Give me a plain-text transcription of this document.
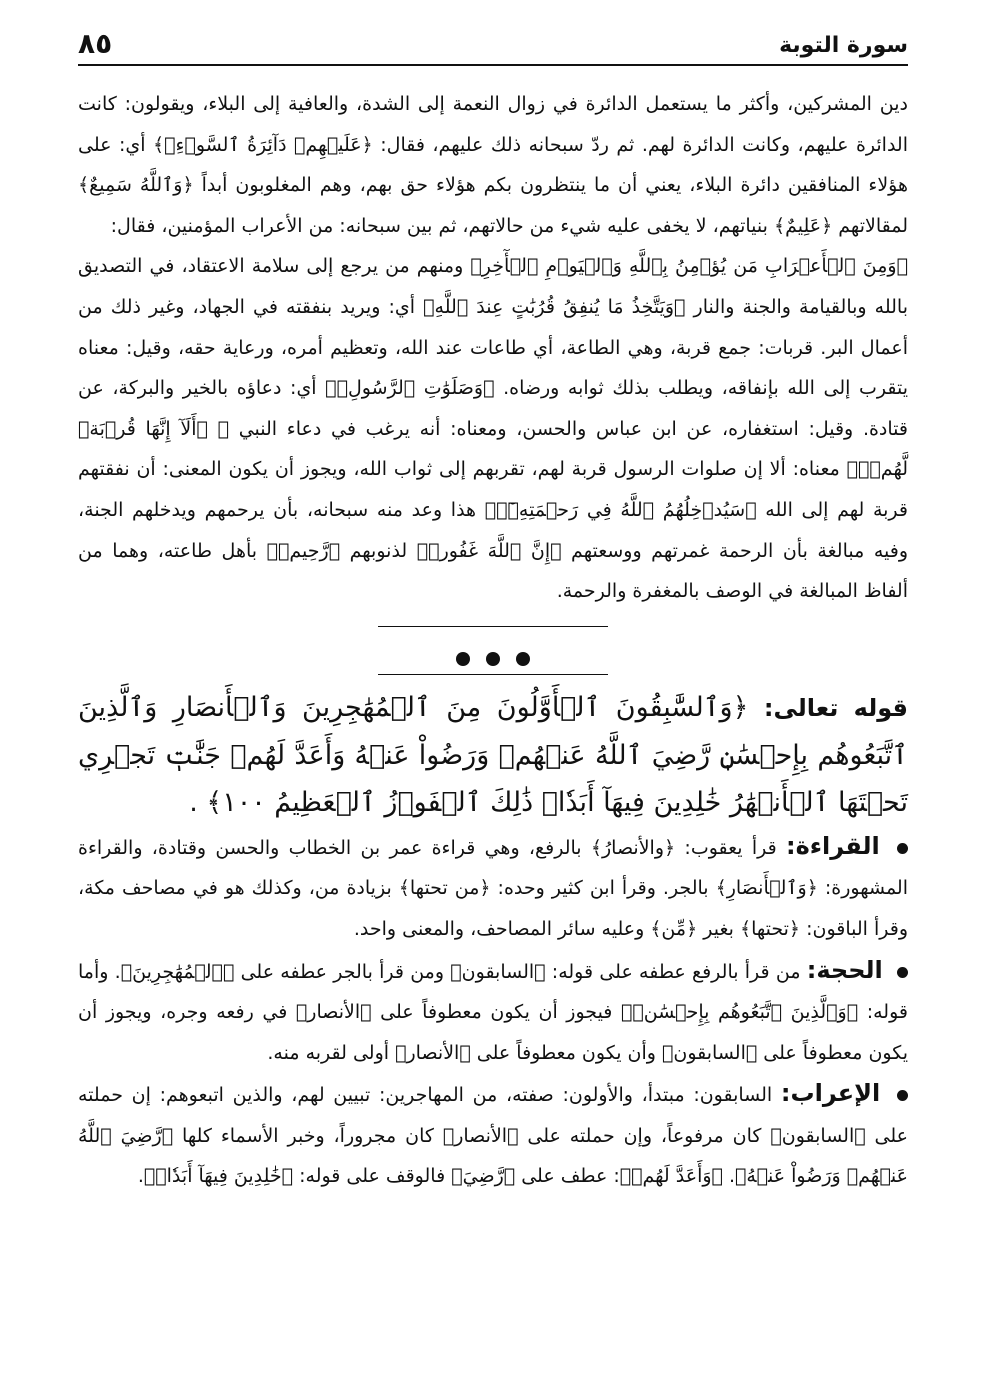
٨٥	سورة التوبة

دين المشركين، وأكثر ما يستعمل الدائرة في زوال النعمة إلى الشدة، والعافية إلى البلاء، ويقولون: كانت الدائرة عليهم، وكانت الدائرة لهم. ثم ردّ سبحانه ذلك عليهم، فقال: ﴿عَلَيۡهِمۡ دَآئِرَةُ ٱلسَّوۡءِۗ﴾ أي: على هؤلاء المنافقين دائرة البلاء، يعني أن ما ينتظرون بكم هؤلاء حق بهم، وهم المغلوبون أبداً ﴿وَٱللَّهُ سَمِيعٌ﴾ لمقالاتهم ﴿عَلِيمٌ﴾ بنياتهم، لا يخفى عليه شيء من حالاتهم، ثم بين سبحانه: من الأعراب المؤمنين، فقال:

﴿وَمِنَ ٱلۡأَعۡرَابِ مَن يُؤۡمِنُ بِٱللَّهِ وَٱلۡيَوۡمِ ٱلۡأٓخِرِ﴾ ومنهم من يرجع إلى سلامة الاعتقاد، في التصديق بالله وبالقيامة والجنة والنار ﴿وَيَتَّخِذُ مَا يُنفِقُ قُرُبَٰتٍ عِندَ ٱللَّهِ﴾ أي: ويريد بنفقته في الجهاد، وغير ذلك من أعمال البر. قربات: جمع قربة، وهي الطاعة، أي طاعات عند الله، وتعظيم أمره، ورعاية حقه، وقيل: معناه يتقرب إلى الله بإنفاقه، ويطلب بذلك ثوابه ورضاه. ﴿وَصَلَوَٰتِ ٱلرَّسُولِۚ﴾ أي: دعاؤه بالخير والبركة، عن قتادة. وقيل: استغفاره، عن ابن عباس والحسن، ومعناه: أنه يرغب في دعاء النبي ﷺ ﴿أَلَآ إِنَّهَا قُرۡبَةٞ لَّهُمۡۚ﴾ معناه: ألا إن صلوات الرسول قربة لهم، تقربهم إلى ثواب الله، ويجوز أن يكون المعنى: أن نفقتهم قربة لهم إلى الله ﴿سَيُدۡخِلُهُمُ ٱللَّهُ فِي رَحۡمَتِهِۦٓۚ﴾ هذا وعد منه سبحانه، بأن يرحمهم ويدخلهم الجنة، وفيه مبالغة بأن الرحمة غمرتهم ووسعتهم ﴿إِنَّ ٱللَّهَ غَفُورٞ﴾ لذنوبهم ﴿رَّحِيمٞ﴾ بأهل طاعته، وهما من ألفاظ المبالغة في الوصف بالمغفرة والرحمة.

قوله تعالى: ﴿وَٱلسَّٰبِقُونَ ٱلۡأَوَّلُونَ مِنَ ٱلۡمُهَٰجِرِينَ وَٱلۡأَنصَارِ وَٱلَّذِينَ ٱتَّبَعُوهُم بِإِحۡسَٰنٖ رَّضِيَ ٱللَّهُ عَنۡهُمۡ وَرَضُواْ عَنۡهُ وَأَعَدَّ لَهُمۡ جَنَّٰتٖ تَجۡرِي تَحۡتَهَا ٱلۡأَنۡهَٰرُ خَٰلِدِينَ فِيهَآ أَبَدٗاۚ ذَٰلِكَ ٱلۡفَوۡزُ ٱلۡعَظِيمُ ١٠٠﴾ .

القراءة: قرأ يعقوب: ﴿والأنصارُ﴾ بالرفع، وهي قراءة عمر بن الخطاب والحسن وقتادة، والقراءة المشهورة: ﴿وَٱلۡأَنصَارِ﴾ بالجر. وقرأ ابن كثير وحده: ﴿من تحتها﴾ بزيادة من، وكذلك هو في مصاحف مكة، وقرأ الباقون: ﴿تحتها﴾ بغير ﴿مِّن﴾ وعليه سائر المصاحف، والمعنى واحد.

الحجة: من قرأ بالرفع عطفه على قوله: ﴿السابقون﴾ ومن قرأ بالجر عطفه على ﴿ٱلۡمُهَٰجِرِينَ﴾. وأما قوله: ﴿وَٱلَّذِينَ ٱتَّبَعُوهُم بِإِحۡسَٰنٖ﴾ فيجوز أن يكون معطوفاً على ﴿الأنصار﴾ في رفعه وجره، ويجوز أن يكون معطوفاً على ﴿السابقون﴾ وأن يكون معطوفاً على ﴿الأنصار﴾ أولى لقربه منه.

الإعراب: السابقون: مبتدأ، والأولون: صفته، من المهاجرين: تبيين لهم، والذين اتبعوهم: إن حملته على ﴿السابقون﴾ كان مرفوعاً، وإن حملته على ﴿الأنصار﴾ كان مجروراً، وخبر الأسماء كلها ﴿رَّضِيَ ٱللَّهُ عَنۡهُمۡ وَرَضُواْ عَنۡهُ﴾. ﴿وَأَعَدَّ لَهُمۡ﴾: عطف على ﴿رَّضِيَ﴾ فالوقف على قوله: ﴿خَٰلِدِينَ فِيهَآ أَبَدٗاۚ﴾.
